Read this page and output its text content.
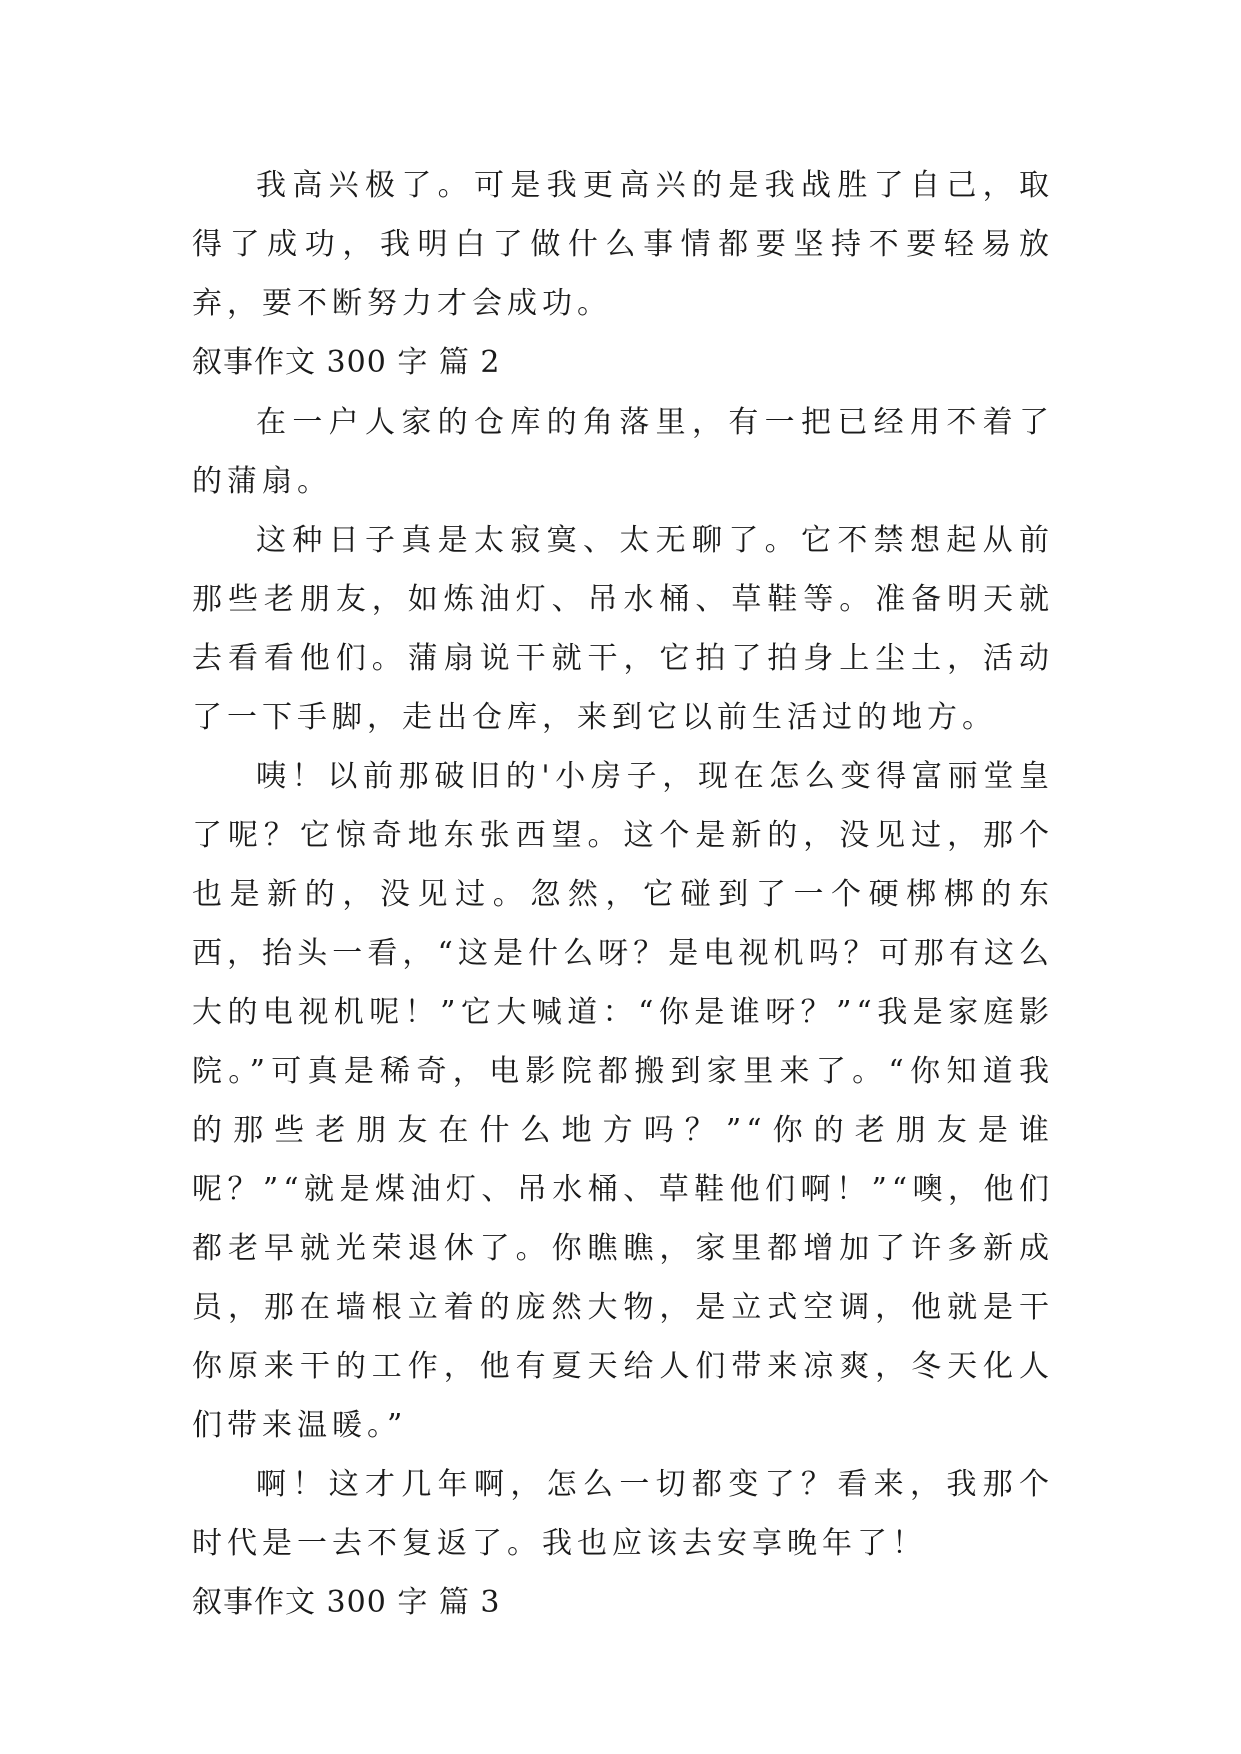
我高兴极了。可是我更高兴的是我战胜了自己，取得了成功，我明白了做什么事情都要坚持不要轻易放弃，要不断努力才会成功。

叙事作文 300 字 篇 2

在一户人家的仓库的角落里，有一把已经用不着了的蒲扇。

这种日子真是太寂寞、太无聊了。它不禁想起从前那些老朋友，如炼油灯、吊水桶、草鞋等。准备明天就去看看他们。蒲扇说干就干，它拍了拍身上尘土，活动了一下手脚，走出仓库，来到它以前生活过的地方。

咦！以前那破旧的'小房子，现在怎么变得富丽堂皇了呢？它惊奇地东张西望。这个是新的，没见过，那个也是新的，没见过。忽然，它碰到了一个硬梆梆的东西，抬头一看，“这是什么呀？是电视机吗？可那有这么大的电视机呢！”它大喊道：“你是谁呀？”“我是家庭影院。”可真是稀奇，电影院都搬到家里来了。“你知道我的那些老朋友在什么地方吗？”“你的老朋友是谁呢？”“就是煤油灯、吊水桶、草鞋他们啊！”“噢，他们都老早就光荣退休了。你瞧瞧，家里都增加了许多新成员，那在墙根立着的庞然大物，是立式空调，他就是干你原来干的工作，他有夏天给人们带来凉爽，冬天化人们带来温暖。”

啊！这才几年啊，怎么一切都变了？看来，我那个时代是一去不复返了。我也应该去安享晚年了！

叙事作文 300 字 篇 3
